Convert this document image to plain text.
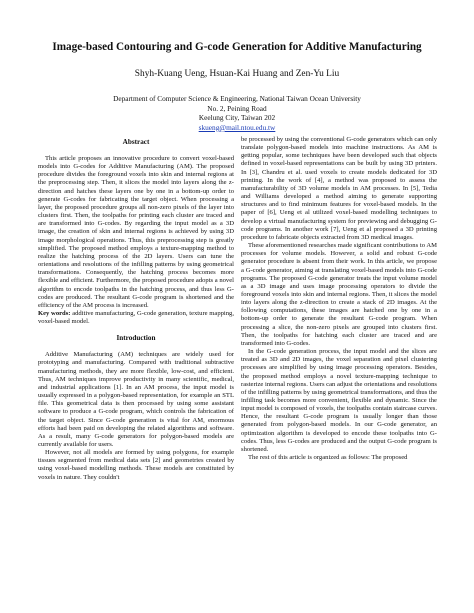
Image-based Contouring and G-code Generation for Additive Manufacturing
Shyh-Kuang Ueng, Hsuan-Kai Huang and Zen-Yu Liu
Department of Computer Science & Engineering, National Taiwan Ocean University
No. 2, Peining Road
Keelung City, Taiwan 202
skueng@mail.ntou.edu.tw
Abstract

This article proposes an innovative procedure to convert voxel-based models into G-codes for Additive Manufacturing (AM). The proposed procedure divides the foreground voxels into skin and internal regions at the preprocessing step. Then, it slices the model into layers along the z-direction and hatches these layers one by one in a bottom-up order to generate G-codes for fabricating the target object. When processing a layer, the proposed procedure groups all non-zero pixels of the layer into clusters first. Then, the toolpaths for printing each cluster are traced and are transformed into G-codes. By regarding the input model as a 3D image, the creation of skin and internal regions is achieved by using 3D image morphological operations. Thus, this preprocessing step is greatly simplified. The proposed method employs a texture-mapping method to realize the hatching process of the 2D layers. Users can tune the orientations and resolutions of the infilling patterns by using geometrical transformations. Consequently, the hatching process becomes more flexible and efficient. Furthermore, the proposed procedure adopts a novel algorithm to encode toolpaths in the hatching process, and thus less G-codes are produced. The resultant G-code program is shortened and the efficiency of the AM process is increased.

Key words: additive manufacturing, G-code generation, texture mapping, voxel-based model.

Introduction

Additive Manufacturing (AM) techniques are widely used for prototyping and manufacturing. Compared with traditional subtractive manufacturing methods, they are more flexible, low-cost, and efficient. Thus, AM techniques improve productivity in many scientific, medical, and industrial applications [1]. In an AM process, the input model is usually expressed in a polygon-based representation, for example an STL file. This geometrical data is then processed by using some assistant software to produce a G-code program, which controls the fabrication of the target object. Since G-code generation is vital for AM, enormous efforts had been paid on developing the related algorithms and software. As a result, many G-code generators for polygon-based models are currently available for users.

However, not all models are formed by using polygons, for example tissues segmented from medical data sets [2] and geometries created by using voxel-based modelling methods. These models are constituted by voxels in nature. They couldn't

be processed by using the conventional G-code generators which can only translate polygon-based models into machine instructions. As AM is getting popular, some techniques have been developed such that objects defined in voxel-based representations can be built by using 3D printers. In [3], Chandru et al. used voxels to create models dedicated for 3D printing. In the work of [4], a method was proposed to assess the manufacturability of 3D volume models in AM processes. In [5], Tedia and Williams developed a method aiming to generate supporting structures and to find minimum features for voxel-based models. In the paper of [6], Ueng et al utilized voxel-based modelling techniques to develop a virtual manufacturing system for previewing and debugging G-code programs. In another work [7], Ueng et al proposed a 3D printing procedure to fabricate objects extracted from 3D medical images.

These aforementioned researches made significant contributions to AM processes for volume models. However, a solid and robust G-code generator procedure is absent from their work. In this article, we propose a G-code generator, aiming at translating voxel-based models into G-code programs. The proposed G-code generator treats the input volume model as a 3D image and uses image processing operators to divide the foreground voxels into skin and internal regions. Then, it slices the model into layers along the z-direction to create a stack of 2D images. At the following computations, these images are hatched one by one in a bottom-up order to generate the resultant G-code program. When processing a slice, the non-zero pixels are grouped into clusters first. Then, the toolpaths for hatching each cluster are traced and are transformed into G-codes.

In the G-code generation process, the input model and the slices are treated as 3D and 2D images, the voxel separation and pixel clustering processes are simplified by using image processing operators. Besides, the proposed method employs a novel texture-mapping technique to rasterize internal regions. Users can adjust the orientations and resolutions of the infilling patterns by using geometrical transformations, and thus the infilling task becomes more convenient, flexible and dynamic. Since the input model is composed of voxels, the toolpaths contain staircase curves. Hence, the resultant G-code program is usually longer than those generated from polygon-based models. In our G-code generator, an optimization algorithm is developed to encode these toolpaths into G-codes. Thus, less G-codes are produced and the output G-code program is shortened.

The rest of this article is organized as follows: The proposed
